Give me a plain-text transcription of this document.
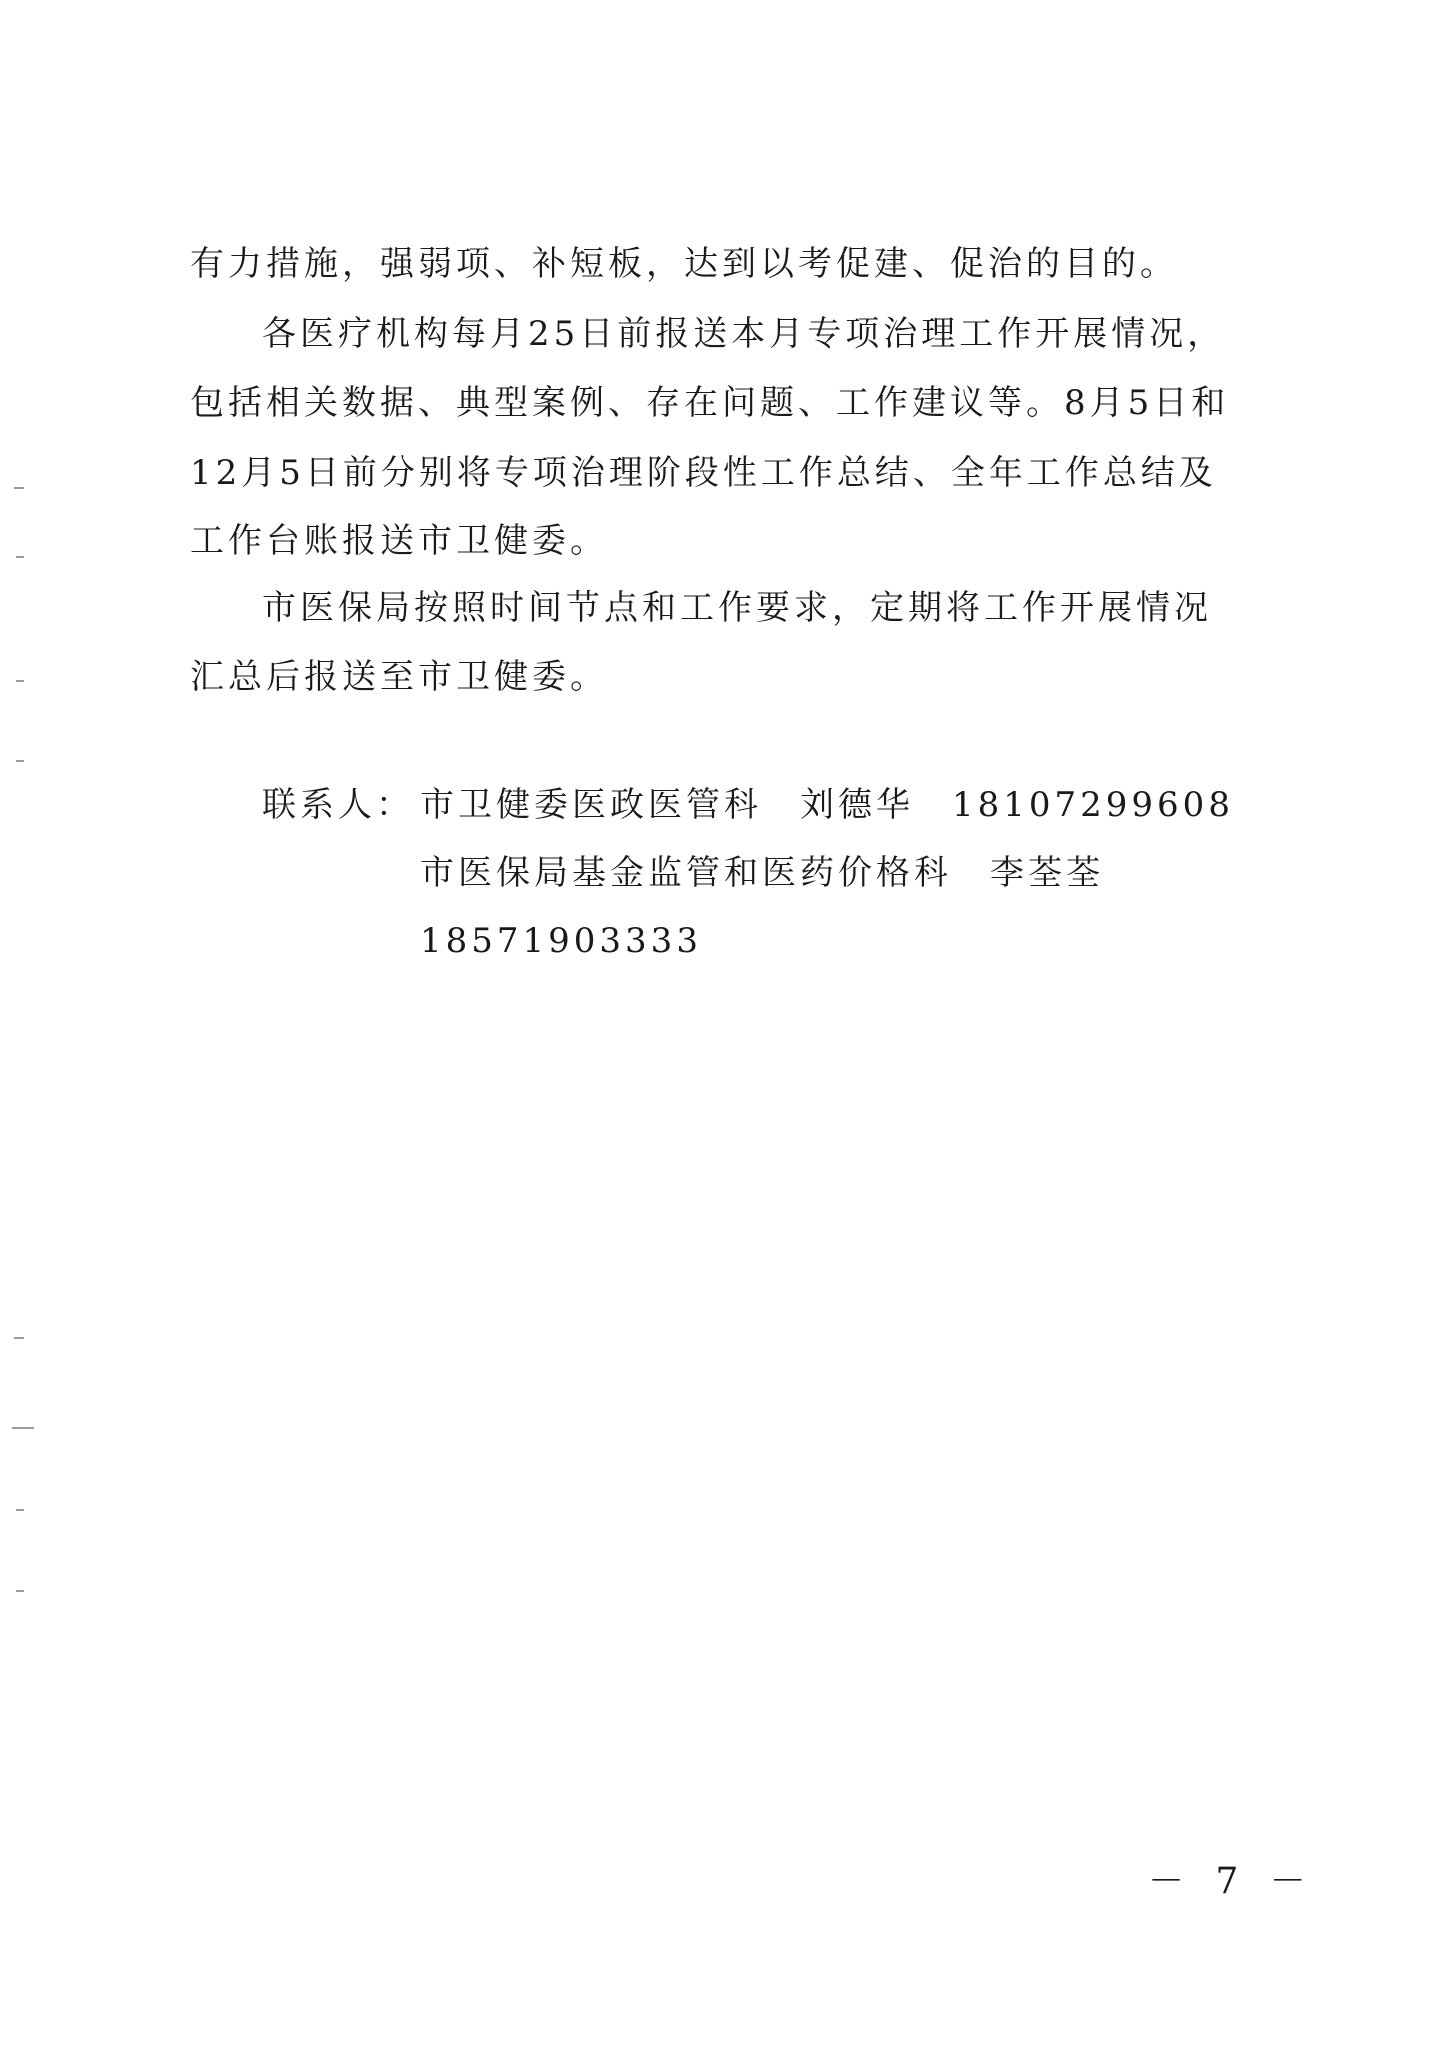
有力措施，强弱项、补短板，达到以考促建、促治的目的。
各医疗机构每月25日前报送本月专项治理工作开展情况，
包括相关数据、典型案例、存在问题、工作建议等。8月5日和
12月5日前分别将专项治理阶段性工作总结、全年工作总结及
工作台账报送市卫健委。
市医保局按照时间节点和工作要求，定期将工作开展情况
汇总后报送至市卫健委。
联系人： 市卫健委医政医管科　刘德华　18107299608
市医保局基金监管和医药价格科　李荃荃
18571903333
－ 7 －
